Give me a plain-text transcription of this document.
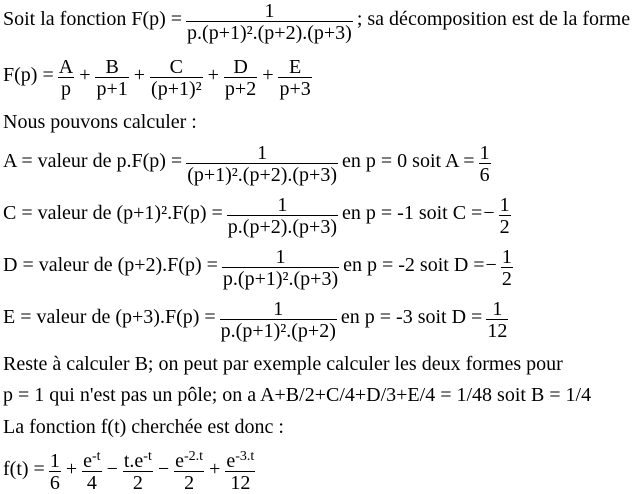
Soit la fonction $F(p) = \frac{1}{\text{p.(p+1)².(p+2).(p+3)}}$ ; sa décomposition est de la forme
$F(p) = \frac{A}{p} + \frac{B}{p+1} + \frac{C}{\text{(p+1)²}} + \frac{D}{p+2} + \frac{E}{p+3}$
Nous pouvons calculer :
A = valeur de $p.F(p) = \frac{1}{\text{(p+1)².(p+2).(p+3)}}$ en p = 0 soit $A = \frac{1}{6}$
C = valeur de $(p+1)^2.F(p) = \frac{1}{p.(p+2).(p+3)}$ en p = -1 soit C = − $\frac{1}{2}$
D = valeur de $(p+2).F(p) = \frac{1}{\text{p.(p+1)².(p+3)}}$ en p = -2 soit D = − $\frac{1}{2}$
E = valeur de $(p+3).F(p) = \frac{1}{\text{p.(p+1)².(p+2)}}$ en p = -3 soit $D = \frac{1}{12}$
Reste à calculer B; on peut par exemple calculer les deux formes pour
p = 1 qui n'est pas un pôle; on a A+B/2+C/4+D/3+E/4 = 1/48 soit B = 1/4
La fonction f(t) cherchée est donc :
$f(t) = \frac{1}{6} + \frac{e^{-t}}{4} - \frac{t.e^{-t}}{2} - \frac{e^{-2.t}}{2} + \frac{e^{-3.t}}{12}$
